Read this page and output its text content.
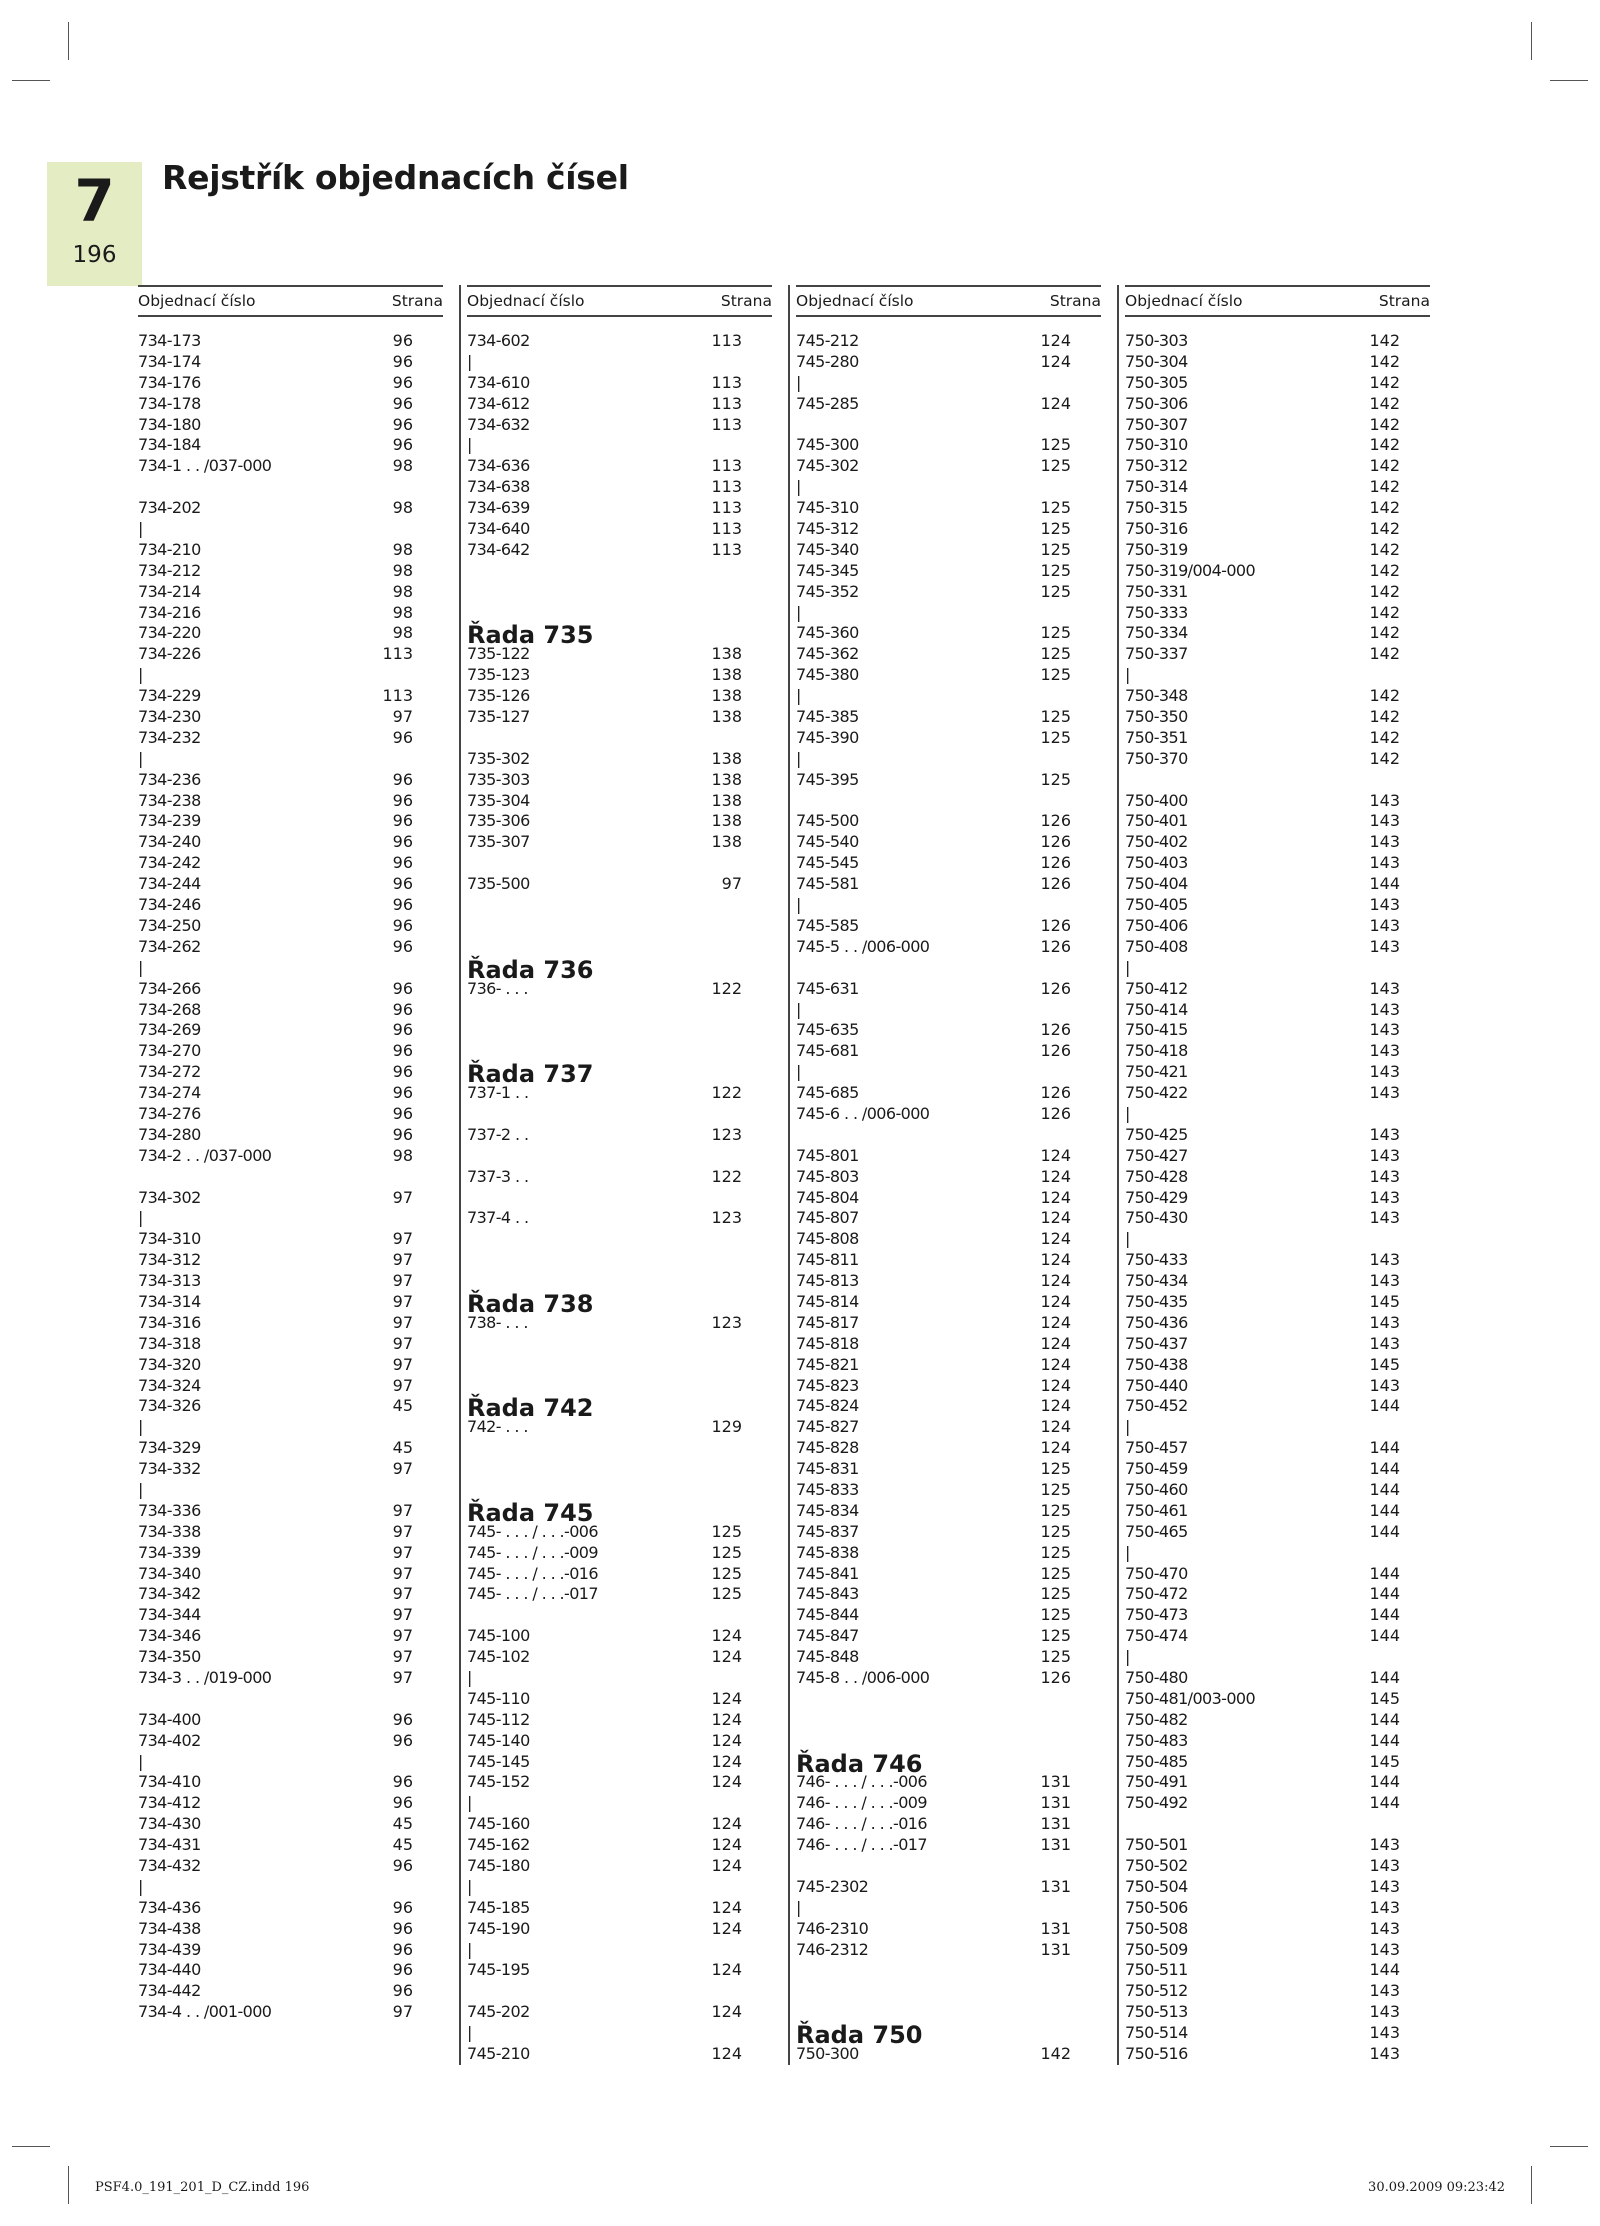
7
196
Rejstřík objednacích čísel
Objednací číslo	Strana
734-173	96
734-174	96
734-176	96
734-178	96
734-180	96
734-184	96
734-1 . . /037-000	98
734-202	98
|
734-210	98
734-212	98
734-214	98
734-216	98
734-220	98
734-226	113
|
734-229	113
734-230	97
734-232	96
|
734-236	96
734-238	96
734-239	96
734-240	96
734-242	96
734-244	96
734-246	96
734-250	96
734-262	96
|
734-266	96
734-268	96
734-269	96
734-270	96
734-272	96
734-274	96
734-276	96
734-280	96
734-2 . . /037-000	98
734-302	97
|
734-310	97
734-312	97
734-313	97
734-314	97
734-316	97
734-318	97
734-320	97
734-324	97
734-326	45
|
734-329	45
734-332	97
|
734-336	97
734-338	97
734-339	97
734-340	97
734-342	97
734-344	97
734-346	97
734-350	97
734-3 . . /019-000	97
734-400	96
734-402	96
|
734-410	96
734-412	96
734-430	45
734-431	45
734-432	96
|
734-436	96
734-438	96
734-439	96
734-440	96
734-442	96
734-4 . . /001-000	97
Objednací číslo	Strana
734-602	113
|
734-610	113
734-612	113
734-632	113
|
734-636	113
734-638	113
734-639	113
734-640	113
734-642	113
Řada 735
735-122	138
735-123	138
735-126	138
735-127	138
735-302	138
735-303	138
735-304	138
735-306	138
735-307	138
735-500	97
Řada 736
736- . . .	122
Řada 737
737-1 . .	122
737-2 . .	123
737-3 . .	122
737-4 . .	123
Řada 738
738- . . .	123
Řada 742
742- . . .	129
Řada 745
745- . . . / . . .-006	125
745- . . . / . . .-009	125
745- . . . / . . .-016	125
745- . . . / . . .-017	125
745-100	124
745-102	124
|
745-110	124
745-112	124
745-140	124
745-145	124
745-152	124
|
745-160	124
745-162	124
745-180	124
|
745-185	124
745-190	124
|
745-195	124
745-202	124
|
745-210	124
Objednací číslo	Strana
745-212	124
745-280	124
|
745-285	124
745-300	125
745-302	125
|
745-310	125
745-312	125
745-340	125
745-345	125
745-352	125
|
745-360	125
745-362	125
745-380	125
|
745-385	125
745-390	125
|
745-395	125
745-500	126
745-540	126
745-545	126
745-581	126
|
745-585	126
745-5 . . /006-000	126
745-631	126
|
745-635	126
745-681	126
|
745-685	126
745-6 . . /006-000	126
745-801	124
745-803	124
745-804	124
745-807	124
745-808	124
745-811	124
745-813	124
745-814	124
745-817	124
745-818	124
745-821	124
745-823	124
745-824	124
745-827	124
745-828	124
745-831	125
745-833	125
745-834	125
745-837	125
745-838	125
745-841	125
745-843	125
745-844	125
745-847	125
745-848	125
745-8 . . /006-000	126
Řada 746
746- . . . / . . .-006	131
746- . . . / . . .-009	131
746- . . . / . . .-016	131
746- . . . / . . .-017	131
745-2302	131
|
746-2310	131
746-2312	131
Řada 750
750-300	142
Objednací číslo	Strana
750-303	142
750-304	142
750-305	142
750-306	142
750-307	142
750-310	142
750-312	142
750-314	142
750-315	142
750-316	142
750-319	142
750-319/004-000	142
750-331	142
750-333	142
750-334	142
750-337	142
|
750-348	142
750-350	142
750-351	142
750-370	142
750-400	143
750-401	143
750-402	143
750-403	143
750-404	144
750-405	143
750-406	143
750-408	143
|
750-412	143
750-414	143
750-415	143
750-418	143
750-421	143
750-422	143
|
750-425	143
750-427	143
750-428	143
750-429	143
750-430	143
|
750-433	143
750-434	143
750-435	145
750-436	143
750-437	143
750-438	145
750-440	143
750-452	144
|
750-457	144
750-459	144
750-460	144
750-461	144
750-465	144
|
750-470	144
750-472	144
750-473	144
750-474	144
|
750-480	144
750-481/003-000	145
750-482	144
750-483	144
750-485	145
750-491	144
750-492	144
750-501	143
750-502	143
750-504	143
750-506	143
750-508	143
750-509	143
750-511	144
750-512	143
750-513	143
750-514	143
750-516	143
PSF4.0_191_201_D_CZ.indd 196	30.09.2009 09:23:42
